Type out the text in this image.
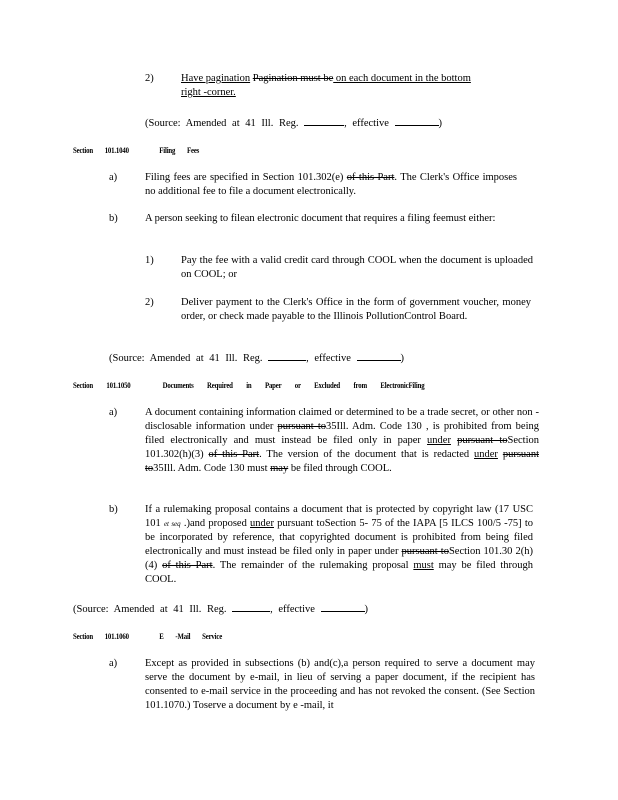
2)	Have pagination Pagination must be on each document in the bottom
right -corner.
(Source: Amended at 41 Ill. Reg.	, effective	)
Section 101.1040	Filing Fees
a)	Filing fees are specified in Section 101.302(e) of this Part. The Clerk's Office imposes no additional fee to file a document electronically.
b)	A person seeking to filean electronic document that requires a filing feemust either:
1)	Pay the fee with a valid credit card through COOL when the document is uploaded on COOL; or
2)	Deliver payment to the Clerk's Office in the form of government voucher, money order, or check made payable to the Illinois PollutionControl Board.
(Source: Amended at 41 Ill. Reg.	, effective	)
Section 101.1050	Documents Required in Paper or Excluded from ElectronicFiling
a)	A document containing information claimed or determined to be a trade secret, or other non -disclosable information under pursuant to35Ill. Adm. Code 130 , is prohibited from being filed electronically and must instead be filed only in paper under pursuant toSection 101.302(h)(3) of this Part. The version of the document that is redacted under pursuant to35Ill. Adm. Code 130 must may be filed through COOL.
b)	If a rulemaking proposal contains a document that is protected by copyright law (17 USC 101 et seq .)and proposed under pursuant toSection 5- 75 of the IAPA [5 ILCS 100/5 -75] to be incorporated by reference, that copyrighted document is prohibited from being filed electronically and must instead be filed only in paper under pursuant toSection 101.30 2(h)(4) of this Part. The remainder of the rulemaking proposal must may be filed through COOL.
(Source: Amended at 41 Ill. Reg.	, effective	)
Section 101.1060	E -Mail Service
a)	Except as provided in subsections (b) and(c),a person required to serve a document may serve the document by e-mail, in lieu of serving a paper document, if the recipient has consented to e-mail service in the proceeding and has not revoked the consent. (See Section 101.1070.) Toserve a document by e -mail, it
